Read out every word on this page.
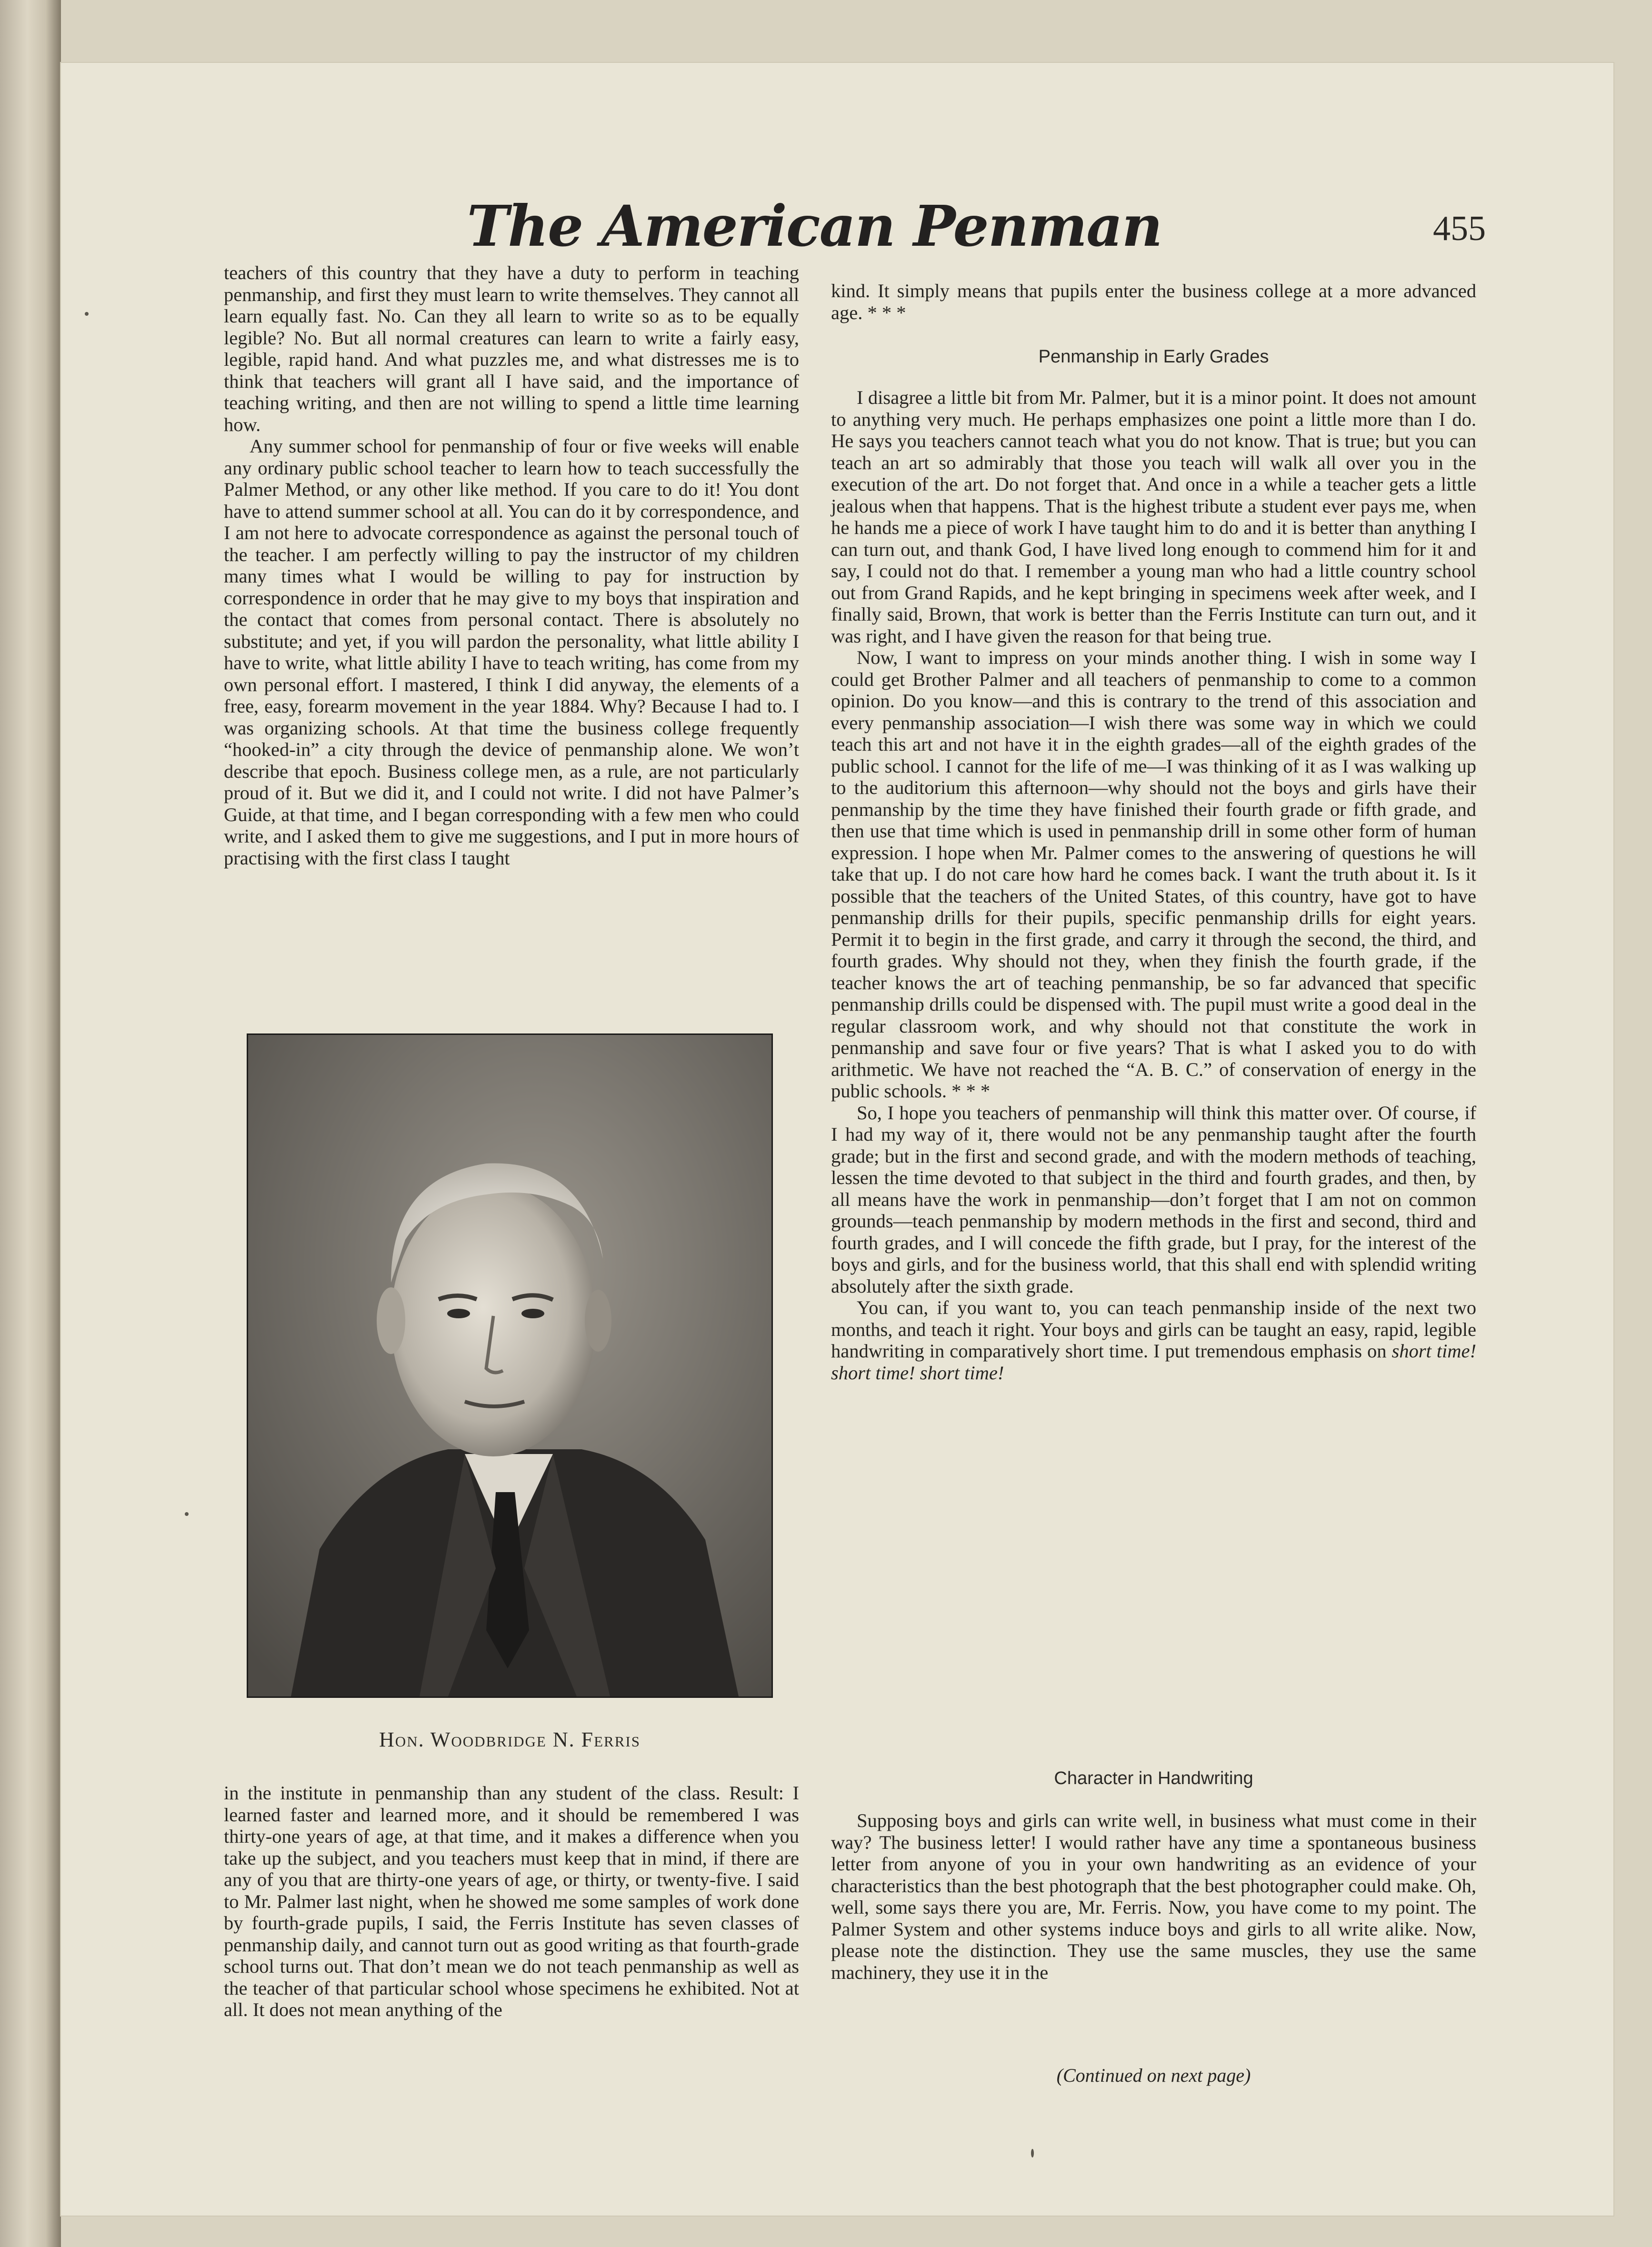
The American Penman	455

teachers of this country that they have a duty to perform in teaching penmanship, and first they must learn to write themselves. They cannot all learn equally fast. No. Can they all learn to write so as to be equally legible? No. But all normal creatures can learn to write a fairly easy, legible, rapid hand. And what puzzles me, and what distresses me is to think that teachers will grant all I have said, and the importance of teaching writing, and then are not willing to spend a little time learning how.

Any summer school for penmanship of four or five weeks will enable any ordinary public school teacher to learn how to teach successfully the Palmer Method, or any other like method. If you care to do it! You dont have to attend summer school at all. You can do it by correspondence, and I am not here to advocate correspondence as against the personal touch of the teacher. I am perfectly willing to pay the instructor of my children many times what I would be willing to pay for instruction by correspondence in order that he may give to my boys that inspiration and the contact that comes from personal contact. There is absolutely no substitute; and yet, if you will pardon the personality, what little ability I have to write, what little ability I have to teach writing, has come from my own personal effort. I mastered, I think I did anyway, the elements of a free, easy, forearm movement in the year 1884. Why? Because I had to. I was organizing schools. At that time the business college frequently “hooked-in” a city through the device of penmanship alone. We won’t describe that epoch. Business college men, as a rule, are not particularly proud of it. But we did it, and I could not write. I did not have Palmer’s Guide, at that time, and I began corresponding with a few men who could write, and I asked them to give me suggestions, and I put in more hours of practising with the first class I taught

Hon. Woodbridge N. Ferris

in the institute in penmanship than any student of the class. Result: I learned faster and learned more, and it should be remembered I was thirty-one years of age, at that time, and it makes a difference when you take up the subject, and you teachers must keep that in mind, if there are any of you that are thirty-one years of age, or thirty, or twenty-five. I said to Mr. Palmer last night, when he showed me some samples of work done by fourth-grade pupils, I said, the Ferris Institute has seven classes of penmanship daily, and cannot turn out as good writing as that fourth-grade school turns out. That don’t mean we do not teach penmanship as well as the teacher of that particular school whose specimens he exhibited. Not at all. It does not mean anything of the

kind. It simply means that pupils enter the business college at a more advanced age. * * *

Penmanship in Early Grades

I disagree a little bit from Mr. Palmer, but it is a minor point. It does not amount to anything very much. He perhaps emphasizes one point a little more than I do. He says you teachers cannot teach what you do not know. That is true; but you can teach an art so admirably that those you teach will walk all over you in the execution of the art. Do not forget that. And once in a while a teacher gets a little jealous when that happens. That is the highest tribute a student ever pays me, when he hands me a piece of work I have taught him to do and it is better than anything I can turn out, and thank God, I have lived long enough to commend him for it and say, I could not do that. I remember a young man who had a little country school out from Grand Rapids, and he kept bringing in specimens week after week, and I finally said, Brown, that work is better than the Ferris Institute can turn out, and it was right, and I have given the reason for that being true.

Now, I want to impress on your minds another thing. I wish in some way I could get Brother Palmer and all teachers of penmanship to come to a common opinion. Do you know—and this is contrary to the trend of this association and every penmanship association—I wish there was some way in which we could teach this art and not have it in the eighth grades—all of the eighth grades of the public school. I cannot for the life of me—I was thinking of it as I was walking up to the auditorium this afternoon—why should not the boys and girls have their penmanship by the time they have finished their fourth grade or fifth grade, and then use that time which is used in penmanship drill in some other form of human expression. I hope when Mr. Palmer comes to the answering of questions he will take that up. I do not care how hard he comes back. I want the truth about it. Is it possible that the teachers of the United States, of this country, have got to have penmanship drills for their pupils, specific penmanship drills for eight years. Permit it to begin in the first grade, and carry it through the second, the third, and fourth grades. Why should not they, when they finish the fourth grade, if the teacher knows the art of teaching penmanship, be so far advanced that specific penmanship drills could be dispensed with. The pupil must write a good deal in the regular classroom work, and why should not that constitute the work in penmanship and save four or five years? That is what I asked you to do with arithmetic. We have not reached the “A. B. C.” of conservation of energy in the public schools. * * *

So, I hope you teachers of penmanship will think this matter over. Of course, if I had my way of it, there would not be any penmanship taught after the fourth grade; but in the first and second grade, and with the modern methods of teaching, lessen the time devoted to that subject in the third and fourth grades, and then, by all means have the work in penmanship—don’t forget that I am not on common grounds—teach penmanship by modern methods in the first and second, third and fourth grades, and I will concede the fifth grade, but I pray, for the interest of the boys and girls, and for the business world, that this shall end with splendid writing absolutely after the sixth grade.

You can, if you want to, you can teach penmanship inside of the next two months, and teach it right. Your boys and girls can be taught an easy, rapid, legible handwriting in comparatively short time. I put tremendous emphasis on short time! short time! short time!

Character in Handwriting

Supposing boys and girls can write well, in business what must come in their way? The business letter! I would rather have any time a spontaneous business letter from anyone of you in your own handwriting as an evidence of your characteristics than the best photograph that the best photographer could make. Oh, well, some says there you are, Mr. Ferris. Now, you have come to my point. The Palmer System and other systems induce boys and girls to all write alike. Now, please note the distinction. They use the same muscles, they use the same machinery, they use it in the

(Continued on next page)
